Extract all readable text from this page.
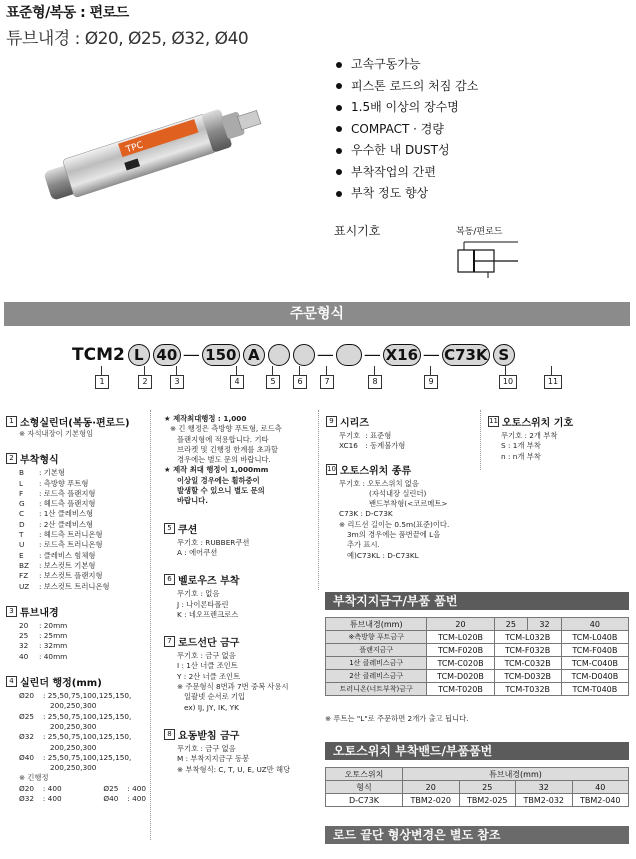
표준형/복동 : 편로드
튜브내경 : Ø20, Ø25, Ø32, Ø40
TPC
고속구동가능
피스톤 로드의 처짐 감소
1.5배 이상의 장수명
COMPACT · 경량
우수한 내 DUST성
부착작업의 간편
부착 정도 향상
표시기호	복동/편로드
주문형식
TCM2 L 40 — 150 A	— — X16 — C73K S
1	2	3	4	5	6	7	8	9	10	11
1 소형실린더(복동·편로드)
※ 자석내장이 기본형임
2 부착형식
B	: 기본형
L	: 측방향 푸트형
F	: 로드측 플랜지형
G	: 헤드측 플랜지형
C	: 1산 클레비스형
D	: 2산 클레비스형
T	: 헤드측 트러니온형
U	: 로드측 트러니온형
E	: 클레비스 힘체형
BZ	: 보스컷트 기본형
FZ	: 보스컷트 플랜지형
UZ	: 보스컷트 트러니온형
3 튜브내경
20	: 20mm
25	: 25mm
32	: 32mm
40	: 40mm
4 실린더 행정(mm)
Ø20	: 25,50,75,100,125,150,

200,250,300
Ø25	: 25,50,75,100,125,150,

200,250,300
Ø32	: 25,50,75,100,125,150,

200,250,300
Ø40	: 25,50,75,100,125,150,

200,250,300
※ 긴행정
Ø20	: 400	Ø25	: 400
Ø32	: 400	Ø40	: 400
★ 제작최대행정 : 1,000
※ 긴 행정은 측방향 푸트형, 로드측
플랜지형에 적용합니다. 기타
브라켓 및 긴행정 한계를 초과할
경우에는 별도 문의 바랍니다.
★ 제작 최대 행정이 1,000mm
이상일 경우에는 휨하중이
발생할 수 있으니 별도 문의
바랍니다.
5 쿠션
무기호 : RUBBER쿠션
A : 에어쿠션
6 벨로우즈 부착
무기호 : 없음
J : 나이론타폴린
K : 네오프렌크로스
7 로드선단 금구
무기호 : 금구 없음
I : 1산 너클 조인트
Y : 2산 너클 조인트
※ 주문형식 8번과 7번 중복 사용시
일괄넷 순서로 기입
ex) IJ, JY, IK, YK
8 요동받침 금구
무기호 : 금구 없음
M : 부착지지금구 동봉
※ 부착형식: C, T, U, E, UZ만 해당
9 시리즈
무기호 : 표준형
XC16 : 동계불가형
10 오토스위치 종류
무기호 : 오토스위치 없음
(자석내장 실린더)
밴드부착형(<코르메트>
C73K : D-C73K
※ 리드선 길이는 0.5m(표준)이다.
3m의 경우에는 품번끝에 L을
추가 표시.
예)C73KL : D-C73KL
11 오토스위치 기호
무기호 : 2개 부착
S : 1개 부착
n : n개 부착
부착지지금구/부품 품번
튜브내경(mm)	20	25	32	40
※측방향 푸트금구	TCM-L020B	TCM-L032B		TCM-L040B
플랜지금구	TCM-F020B	TCM-F032B		TCM-F040B
1산 클레비스금구	TCM-C020B	TCM-C032B		TCM-C040B
2산 클레비스금구	TCM-D020B	TCM-D032B		TCM-D040B
트러니온(너트부착)금구	TCM-T020B	TCM-T032B		TCM-T040B
※ 푸트는 "L"로 주문하면 2개가 출고 됩니다.
오토스위치 부착밴드/부품품번
오토스위치	튜브내경(mm)			
형식	20	25	32	40
D-C73K	TBM2-020	TBM2-025	TBM2-032	TBM2-040
로드 끝단 형상변경은 별도 참조
